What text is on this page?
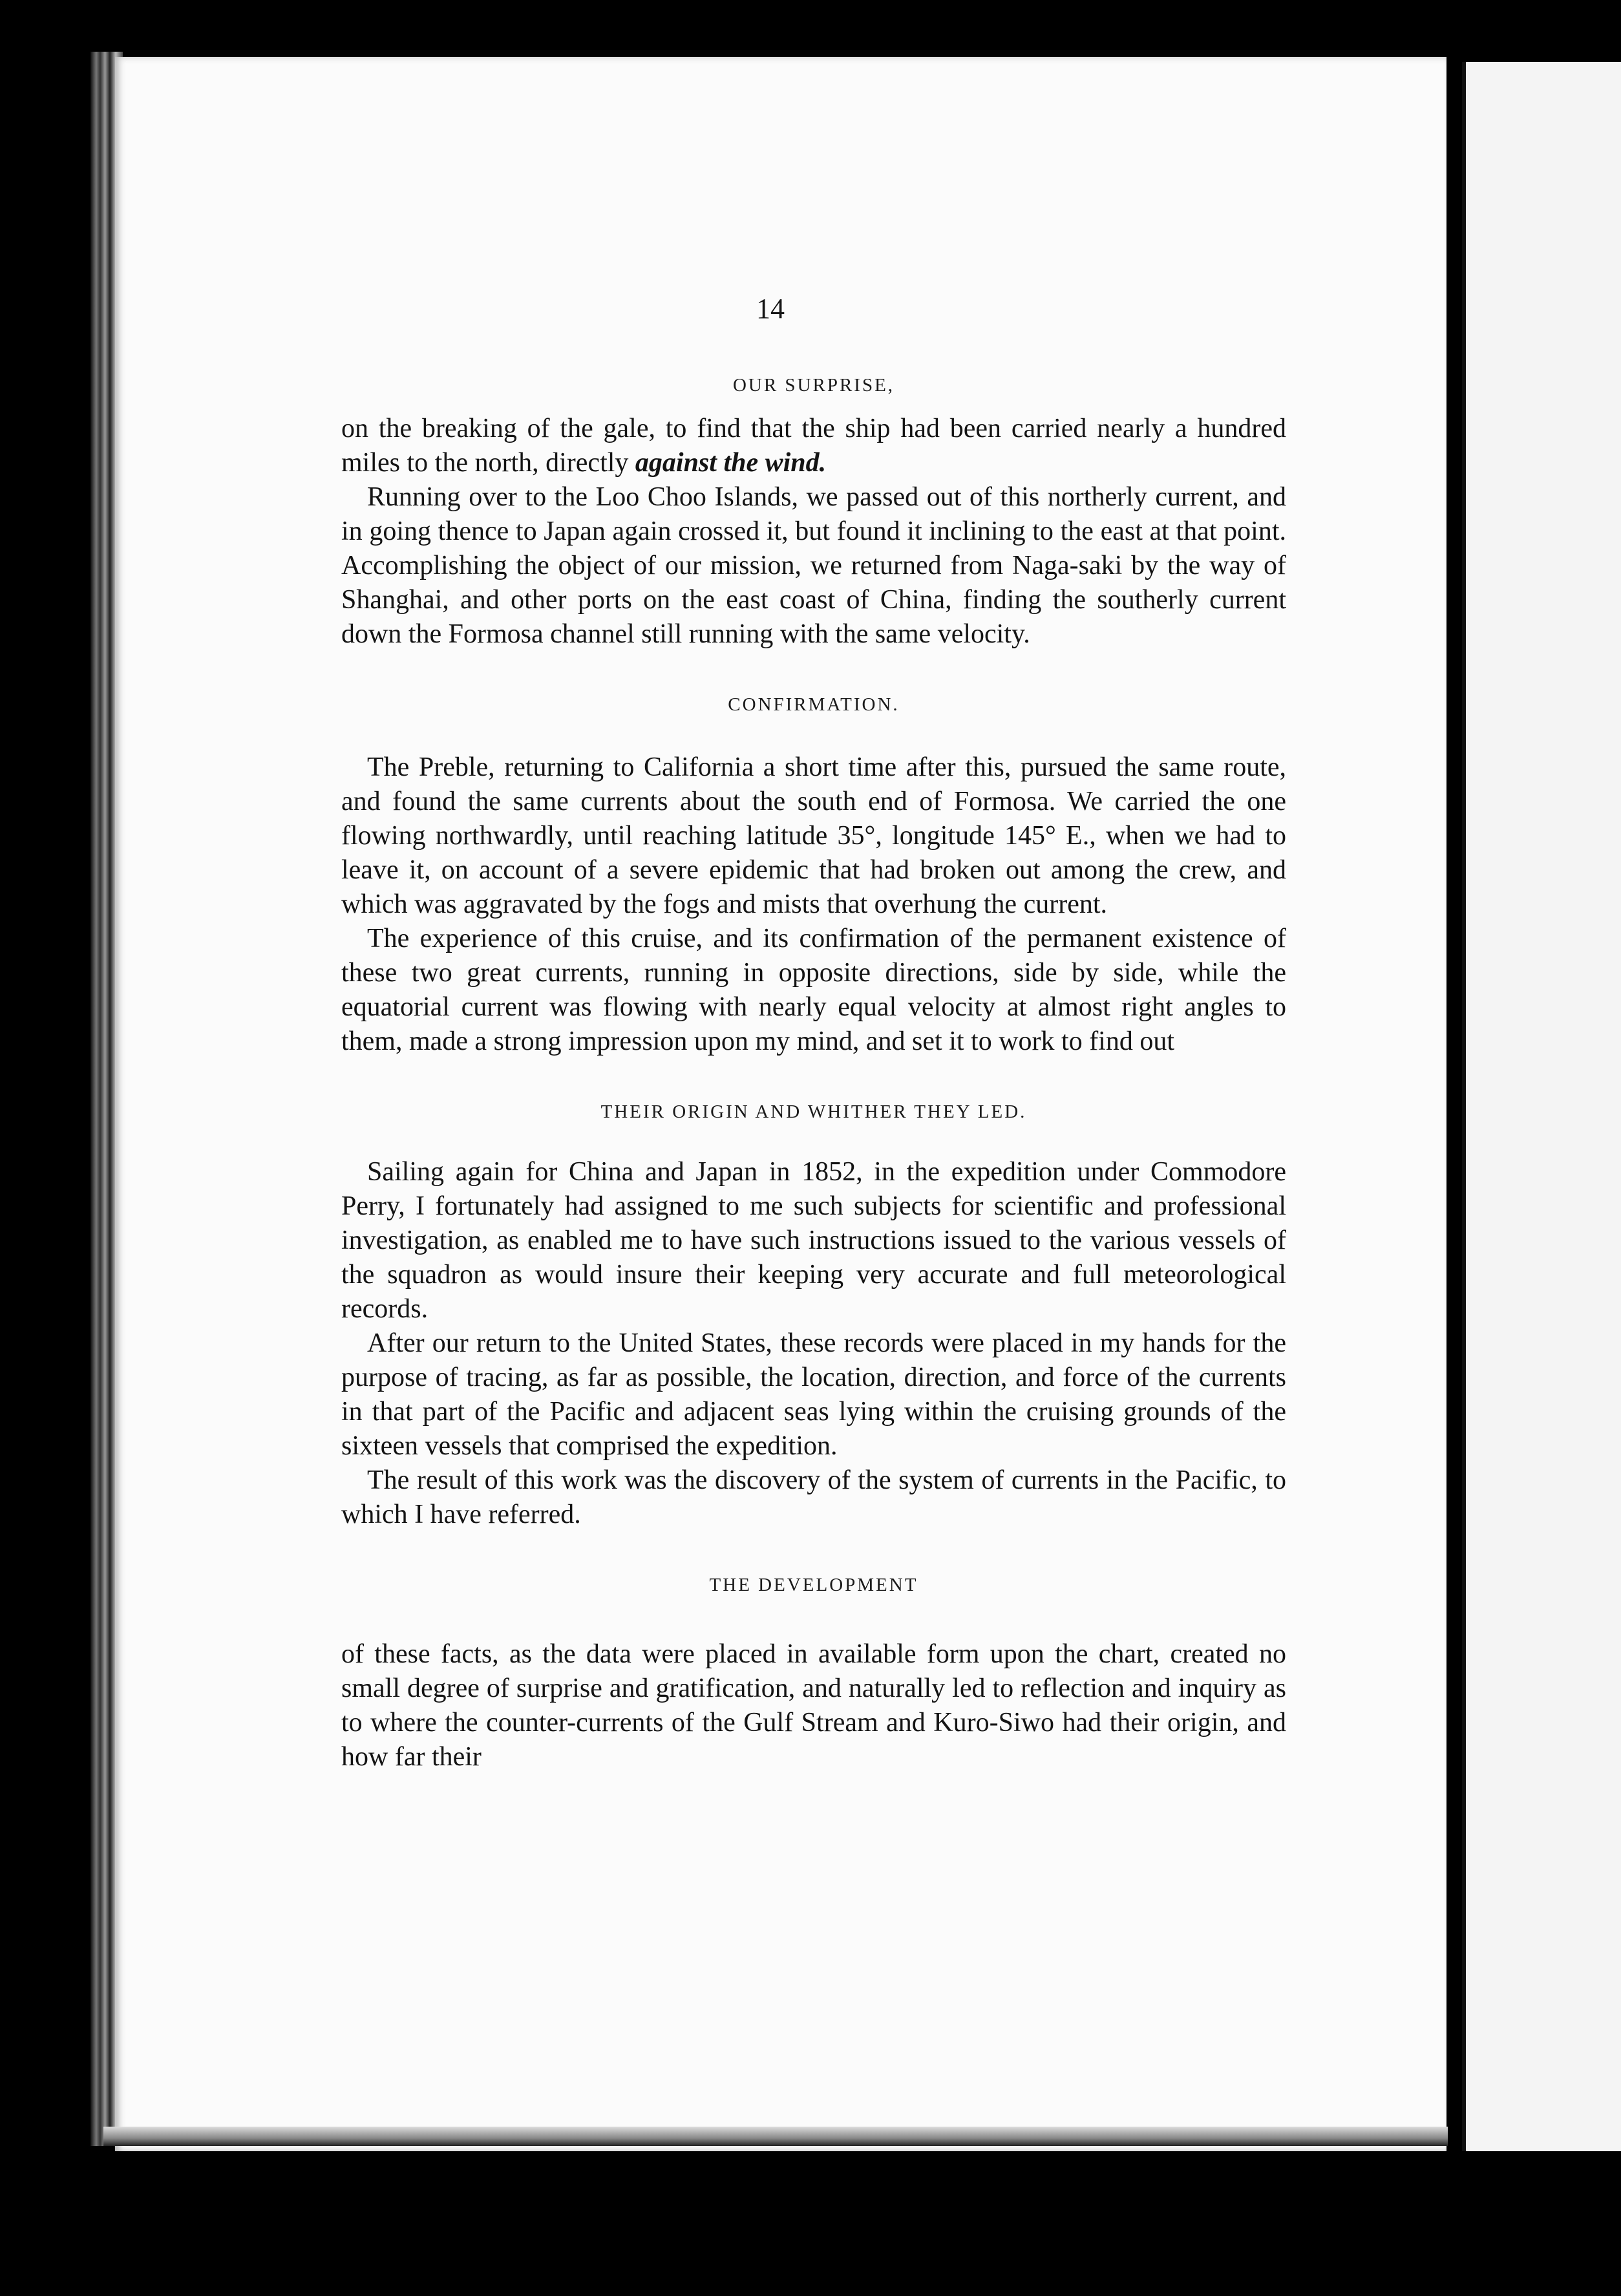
14
OUR SURPRISE,

on the breaking of the gale, to find that the ship had been carried nearly a hundred miles to the north, directly against the wind.

Running over to the Loo Choo Islands, we passed out of this northerly current, and in going thence to Japan again crossed it, but found it inclining to the east at that point. Accomplishing the object of our mission, we returned from Naga-saki by the way of Shanghai, and other ports on the east coast of China, finding the southerly current down the Formosa channel still running with the same velocity.

CONFIRMATION.

The Preble, returning to California a short time after this, pursued the same route, and found the same currents about the south end of Formosa. We carried the one flowing northwardly, until reaching latitude 35°, longitude 145° E., when we had to leave it, on account of a severe epidemic that had broken out among the crew, and which was aggravated by the fogs and mists that overhung the current.

The experience of this cruise, and its confirmation of the permanent existence of these two great currents, running in opposite directions, side by side, while the equatorial current was flowing with nearly equal velocity at almost right angles to them, made a strong impression upon my mind, and set it to work to find out

THEIR ORIGIN AND WHITHER THEY LED.

Sailing again for China and Japan in 1852, in the expedition under Commodore Perry, I fortunately had assigned to me such subjects for scientific and professional investigation, as enabled me to have such instructions issued to the various vessels of the squadron as would insure their keeping very accurate and full meteorological records.

After our return to the United States, these records were placed in my hands for the purpose of tracing, as far as possible, the location, direction, and force of the currents in that part of the Pacific and adjacent seas lying within the cruising grounds of the sixteen vessels that comprised the expedition.

The result of this work was the discovery of the system of currents in the Pacific, to which I have referred.

THE DEVELOPMENT

of these facts, as the data were placed in available form upon the chart, created no small degree of surprise and gratification, and naturally led to reflection and inquiry as to where the counter-currents of the Gulf Stream and Kuro-Siwo had their origin, and how far their
